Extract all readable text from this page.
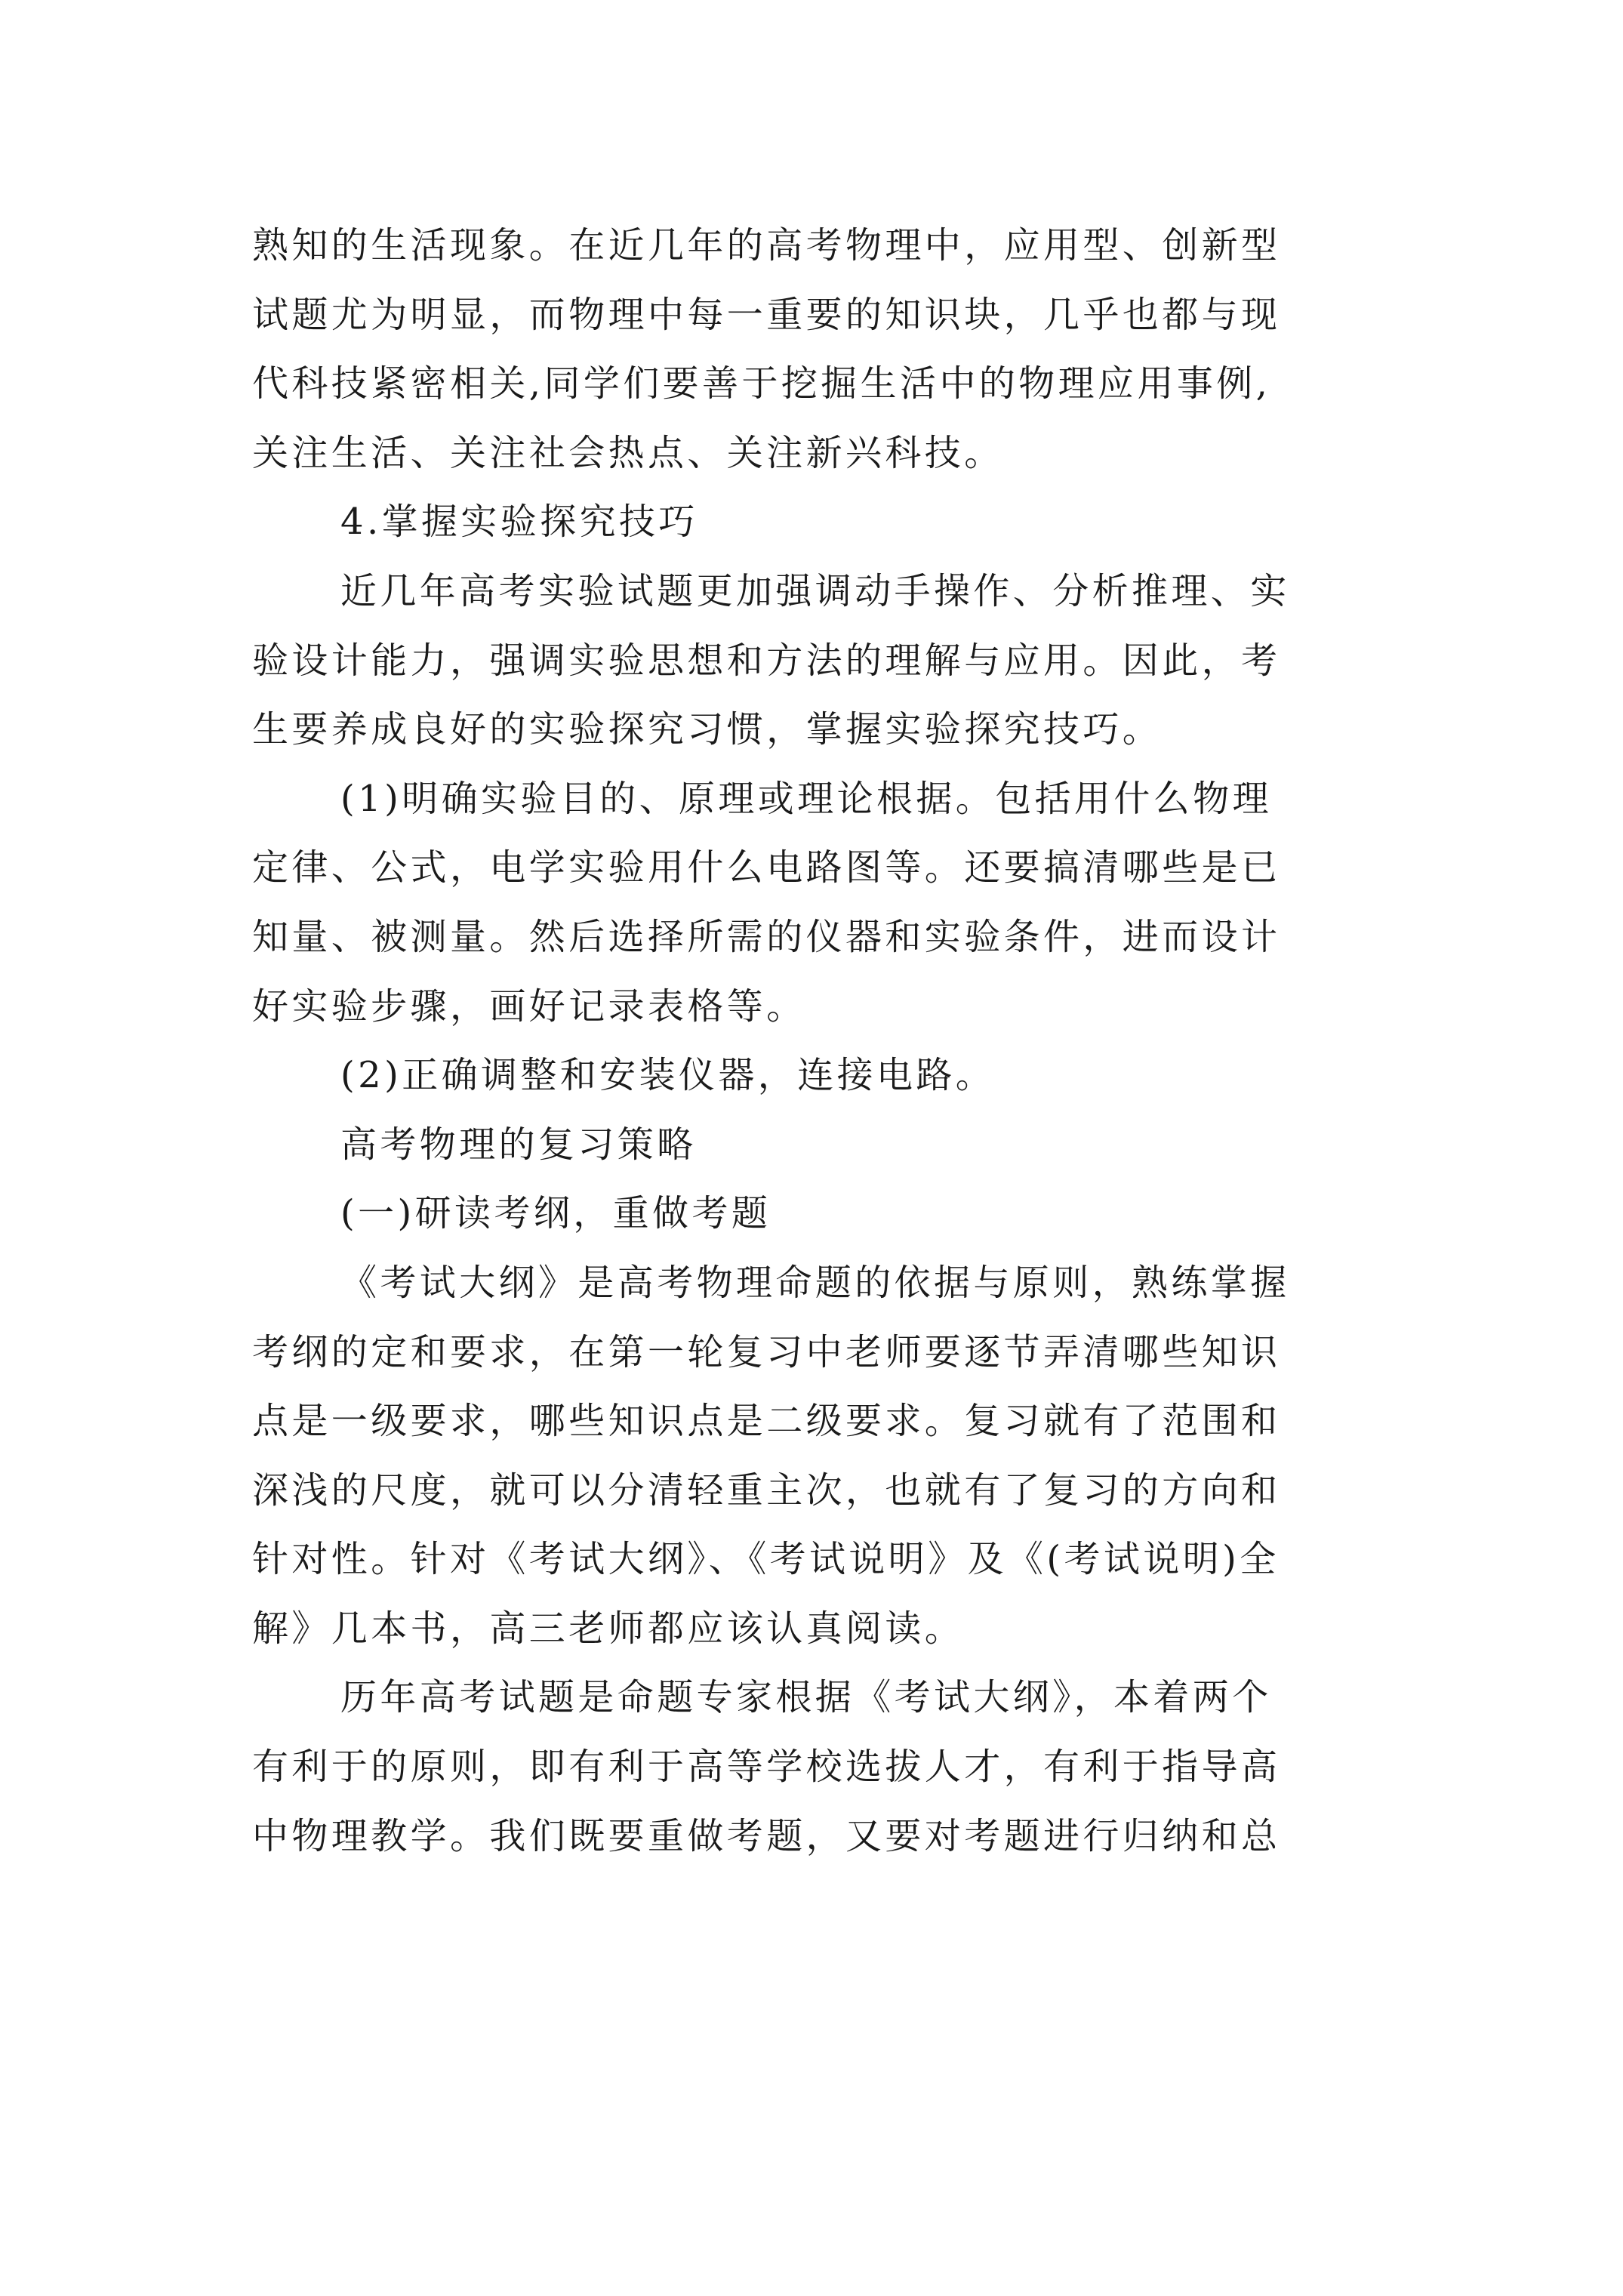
熟知的生活现象。在近几年的高考物理中，应用型、创新型
试题尤为明显，而物理中每一重要的知识块，几乎也都与现
代科技紧密相关,同学们要善于挖掘生活中的物理应用事例,
关注生活、关注社会热点、关注新兴科技。
4.掌握实验探究技巧
近几年高考实验试题更加强调动手操作、分析推理、实
验设计能力，强调实验思想和方法的理解与应用。因此，考
生要养成良好的实验探究习惯，掌握实验探究技巧。
(1)明确实验目的、原理或理论根据。包括用什么物理
定律、公式，电学实验用什么电路图等。还要搞清哪些是已
知量、被测量。然后选择所需的仪器和实验条件，进而设计
好实验步骤，画好记录表格等。
(2)正确调整和安装仪器，连接电路。
高考物理的复习策略
(一)研读考纲，重做考题
《考试大纲》是高考物理命题的依据与原则，熟练掌握
考纲的定和要求，在第一轮复习中老师要逐节弄清哪些知识
点是一级要求，哪些知识点是二级要求。复习就有了范围和
深浅的尺度，就可以分清轻重主次，也就有了复习的方向和
针对性。针对《考试大纲》、《考试说明》及《(考试说明)全
解》几本书，高三老师都应该认真阅读。
历年高考试题是命题专家根据《考试大纲》，本着两个
有利于的原则，即有利于高等学校选拔人才，有利于指导高
中物理教学。我们既要重做考题，又要对考题进行归纳和总
